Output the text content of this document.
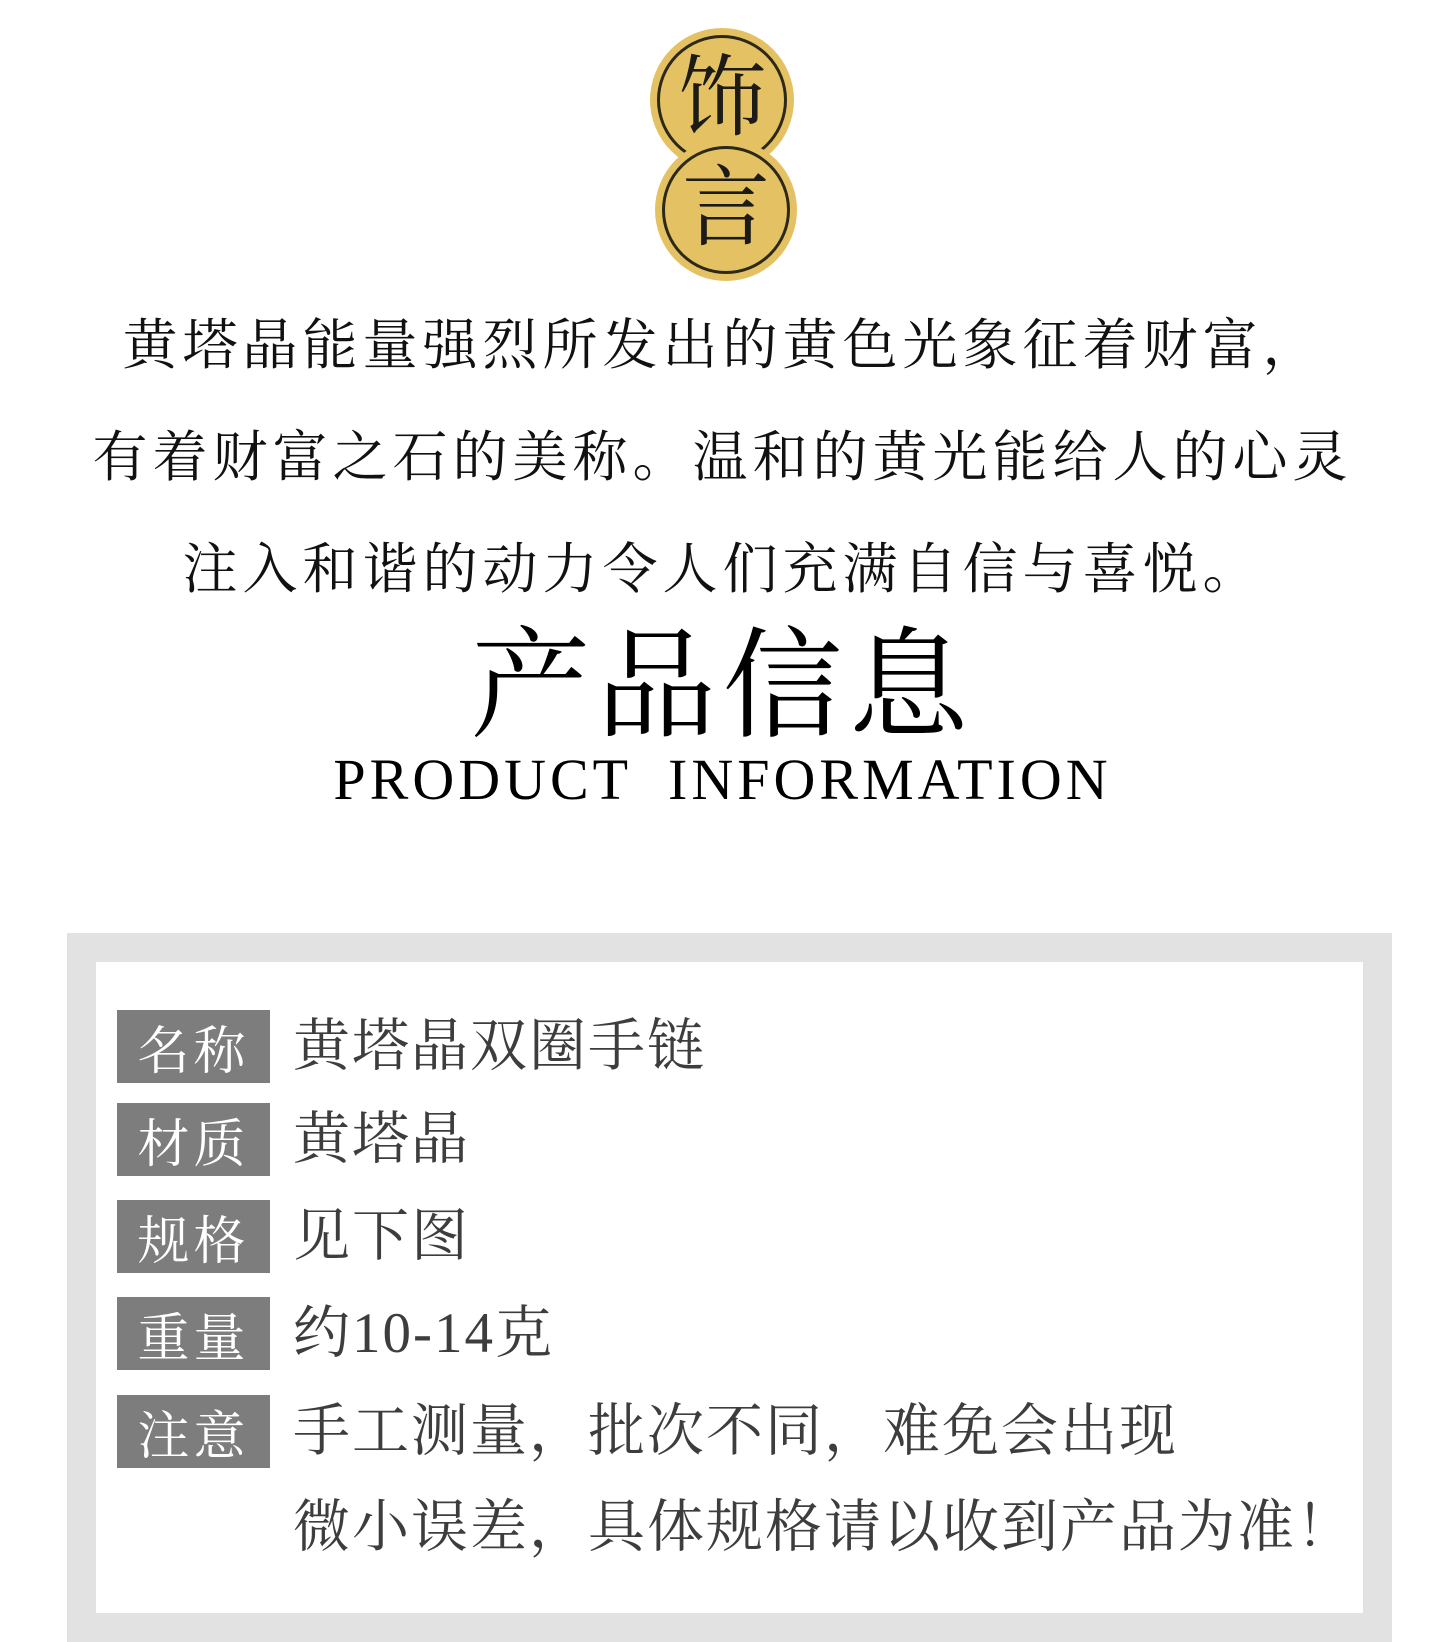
饰
言

黄塔晶能量强烈所发出的黄色光象征着财富，

有着财富之石的美称。温和的黄光能给人的心灵

注入和谐的动力令人们充满自信与喜悦。

产品信息
PRODUCT  INFORMATION
名称 黄塔晶双圈手链
材质 黄塔晶
规格 见下图
重量 约10-14克
注意 手工测量，批次不同，难免会出现
微小误差，具体规格请以收到产品为准！
